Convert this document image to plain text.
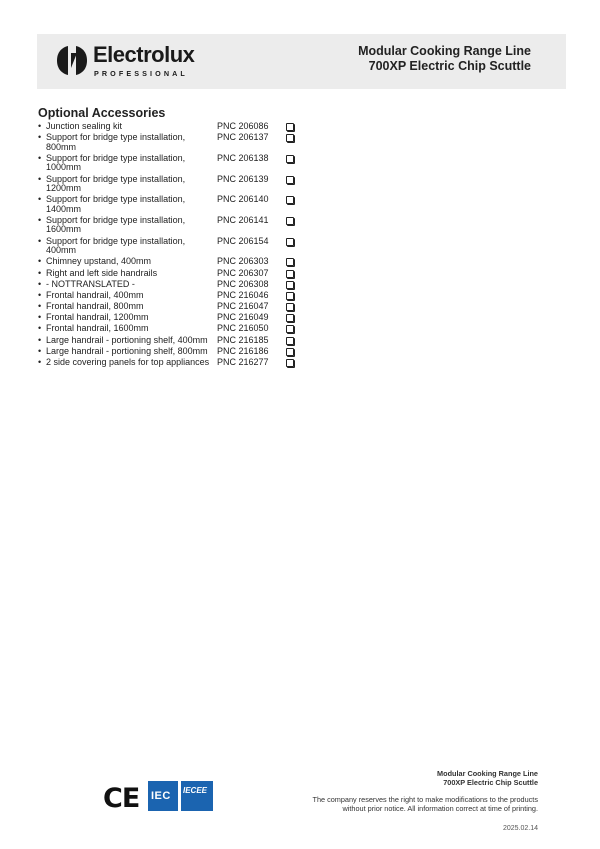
Electrolux
PROFESSIONAL
Modular Cooking Range Line
700XP Electric Chip Scuttle
Optional Accessories
• Junction sealing kit	PNC 206086
• Support for bridge type installation, 800mm
PNC 206137
• Support for bridge type installation, 1000mm
PNC 206138
• Support for bridge type installation, 1200mm
PNC 206139
• Support for bridge type installation, 1400mm
PNC 206140
• Support for bridge type installation, 1600mm
PNC 206141
• Support for bridge type installation, 400mm
PNC 206154
• Chimney upstand, 400mm	PNC 206303
• Right and left side handrails	PNC 206307
• - NOTTRANSLATED -	PNC 206308
• Frontal handrail, 400mm	PNC 216046
• Frontal handrail, 800mm	PNC 216047
• Frontal handrail, 1200mm	PNC 216049
• Frontal handrail, 1600mm	PNC 216050
• Large handrail - portioning shelf, 400mm	PNC 216185
• Large handrail - portioning shelf, 800mm	PNC 216186
• 2 side covering panels for top appliances PNC 216277
CE IEC IECEE
Modular Cooking Range Line
700XP Electric Chip Scuttle
The company reserves the right to make modifications to the products
without prior notice. All information correct at time of printing.
2025.02.14
